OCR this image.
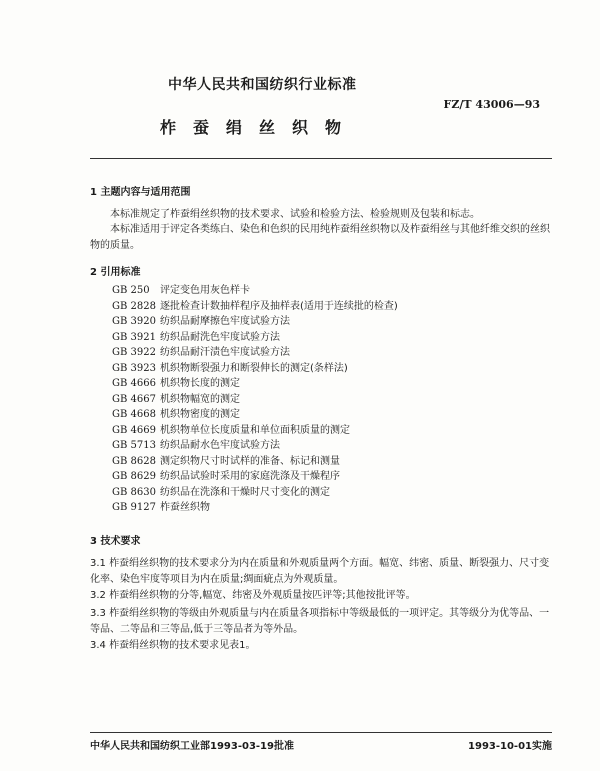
中华人民共和国纺织行业标准
FZ/T 43006—93
柞蚕绢丝织物
1 主题内容与适用范围
本标准规定了柞蚕绢丝织物的技术要求、试验和检验方法、检验规则及包装和标志。
本标准适用于评定各类练白、染色和色织的民用纯柞蚕绢丝织物以及柞蚕绢丝与其他纤维交织的丝织物的质量。
2 引用标准
GB 250 评定变色用灰色样卡
GB 2828 逐批检查计数抽样程序及抽样表(适用于连续批的检查)
GB 3920 纺织品耐摩擦色牢度试验方法
GB 3921 纺织品耐洗色牢度试验方法
GB 3922 纺织品耐汗渍色牢度试验方法
GB 3923 机织物断裂强力和断裂伸长的测定(条样法)
GB 4666 机织物长度的测定
GB 4667 机织物幅宽的测定
GB 4668 机织物密度的测定
GB 4669 机织物单位长度质量和单位面积质量的测定
GB 5713 纺织品耐水色牢度试验方法
GB 8628 测定织物尺寸时试样的准备、标记和测量
GB 8629 纺织品试验时采用的家庭洗涤及干燥程序
GB 8630 纺织品在洗涤和干燥时尺寸变化的测定
GB 9127 柞蚕丝织物
3 技术要求
3.1 柞蚕绢丝织物的技术要求分为内在质量和外观质量两个方面。幅宽、纬密、质量、断裂强力、尺寸变化率、染色牢度等项目为内在质量;绸面疵点为外观质量。
3.2 柞蚕绢丝织物的分等,幅宽、纬密及外观质量按匹评等;其他按批评等。
3.3 柞蚕绢丝织物的等级由外观质量与内在质量各项指标中等级最低的一项评定。其等级分为优等品、一等品、二等品和三等品,低于三等品者为等外品。
3.4 柞蚕绢丝织物的技术要求见表1。
中华人民共和国纺织工业部1993-03-19批准	1993-10-01实施
